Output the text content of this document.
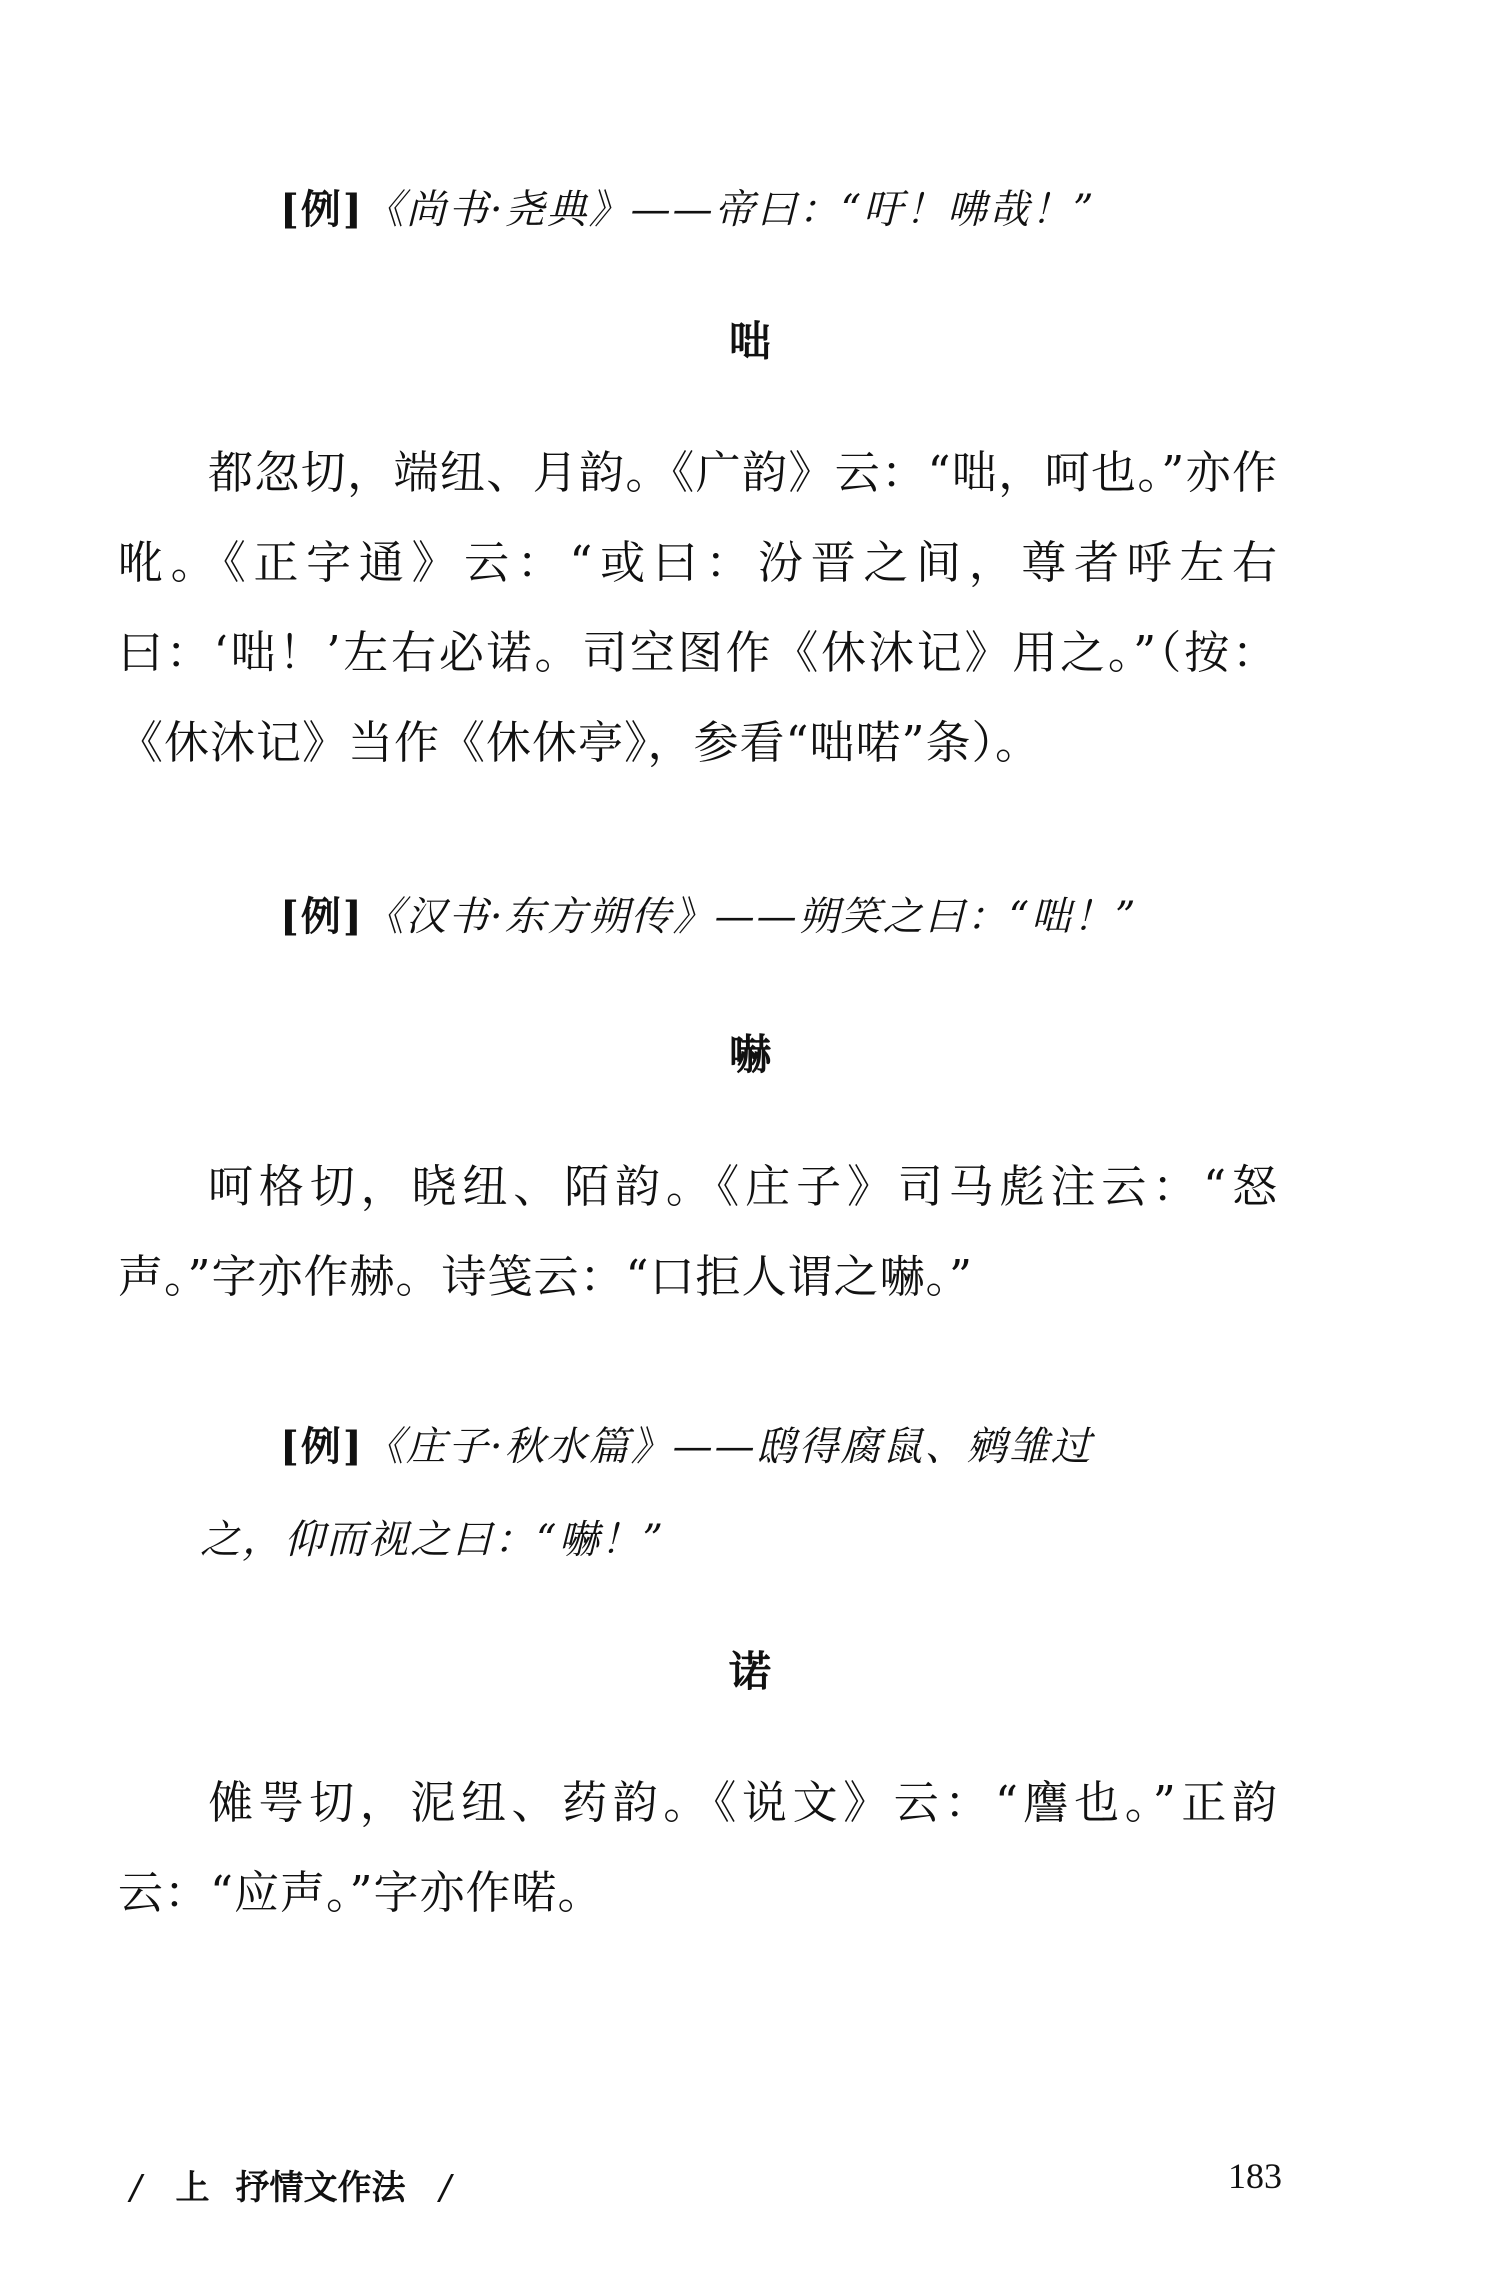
[例]《尚书·尧典》——帝曰：“吁！咈哉！”
咄
都忽切，端纽、月韵。《广韵》云：“咄，呵也。”亦作吪。《正字通》云：“或曰：汾晋之间，尊者呼左右曰：‘咄！’左右必诺。司空图作《休沐记》用之。”（按：《休沐记》当作《休休亭》，参看“咄喏”条）。
[例]《汉书·东方朔传》——朔笑之曰：“咄！”
嚇
呵格切，晓纽、陌韵。《庄子》司马彪注云：“怒声。”字亦作赫。诗笺云：“口拒人谓之嚇。”
[例]《庄子·秋水篇》——鸱得腐鼠、鹓雏过
之，仰而视之曰：“嚇！”
诺
傩咢切，泥纽、药韵。《说文》云：“譍也。”正韵云：“应声。”字亦作喏。
/ 上 抒情文作法 /	183
